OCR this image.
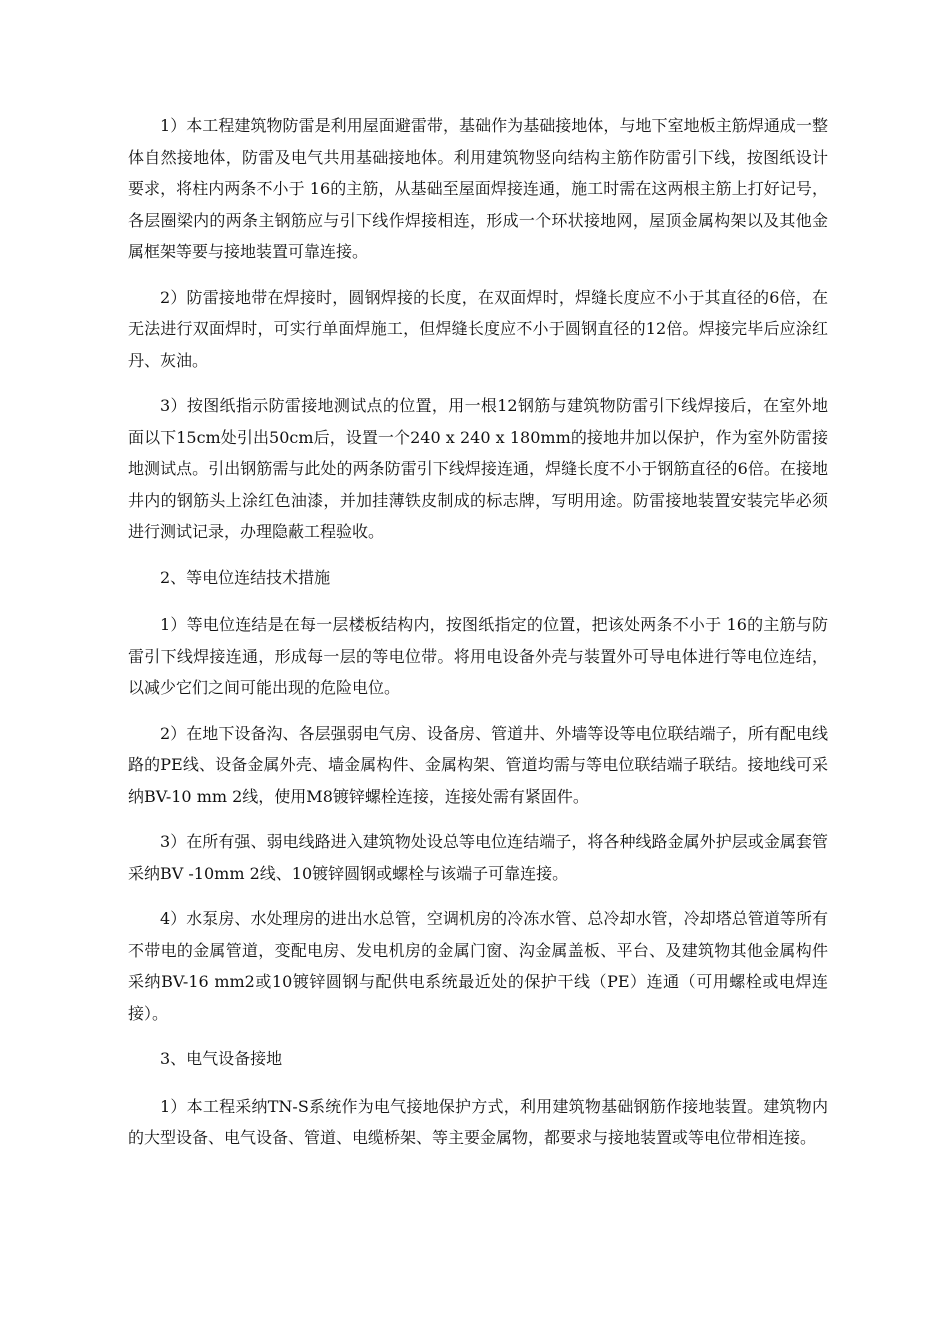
1）本工程建筑物防雷是利用屋面避雷带，基础作为基础接地体，与地下室地板主筋焊通成一整体自然接地体，防雷及电气共用基础接地体。利用建筑物竖向结构主筋作防雷引下线，按图纸设计要求，将柱内两条不小于 16的主筋，从基础至屋面焊接连通，施工时需在这两根主筋上打好记号，各层圈梁内的两条主钢筋应与引下线作焊接相连，形成一个环状接地网，屋顶金属构架以及其他金属框架等要与接地装置可靠连接。

2）防雷接地带在焊接时，圆钢焊接的长度，在双面焊时，焊缝长度应不小于其直径的6倍，在无法进行双面焊时，可实行单面焊施工，但焊缝长度应不小于圆钢直径的12倍。焊接完毕后应涂红丹、灰油。

3）按图纸指示防雷接地测试点的位置，用一根12钢筋与建筑物防雷引下线焊接后，在室外地面以下15cm处引出50cm后，设置一个240 x 240 x 180mm的接地井加以保护，作为室外防雷接地测试点。引出钢筋需与此处的两条防雷引下线焊接连通，焊缝长度不小于钢筋直径的6倍。在接地井内的钢筋头上涂红色油漆，并加挂薄铁皮制成的标志牌，写明用途。防雷接地装置安装完毕必须进行测试记录，办理隐蔽工程验收。

2、等电位连结技术措施

1）等电位连结是在每一层楼板结构内，按图纸指定的位置，把该处两条不小于 16的主筋与防雷引下线焊接连通，形成每一层的等电位带。将用电设备外壳与装置外可导电体进行等电位连结，以减少它们之间可能出现的危险电位。

2）在地下设备沟、各层强弱电气房、设备房、管道井、外墙等设等电位联结端子，所有配电线路的PE线、设备金属外壳、墙金属构件、金属构架、管道均需与等电位联结端子联结。接地线可采纳BV-10 mm 2线，使用M8镀锌螺栓连接，连接处需有紧固件。

3）在所有强、弱电线路进入建筑物处设总等电位连结端子，将各种线路金属外护层或金属套管采纳BV -10mm 2线、10镀锌圆钢或螺栓与该端子可靠连接。

4）水泵房、水处理房的进出水总管，空调机房的冷冻水管、总冷却水管，冷却塔总管道等所有不带电的金属管道，变配电房、发电机房的金属门窗、沟金属盖板、平台、及建筑物其他金属构件采纳BV-16 mm2或10镀锌圆钢与配供电系统最近处的保护干线（PE）连通（可用螺栓或电焊连接）。

3、电气设备接地

1）本工程采纳TN-S系统作为电气接地保护方式，利用建筑物基础钢筋作接地装置。建筑物内的大型设备、电气设备、管道、电缆桥架、等主要金属物，都要求与接地装置或等电位带相连接。
